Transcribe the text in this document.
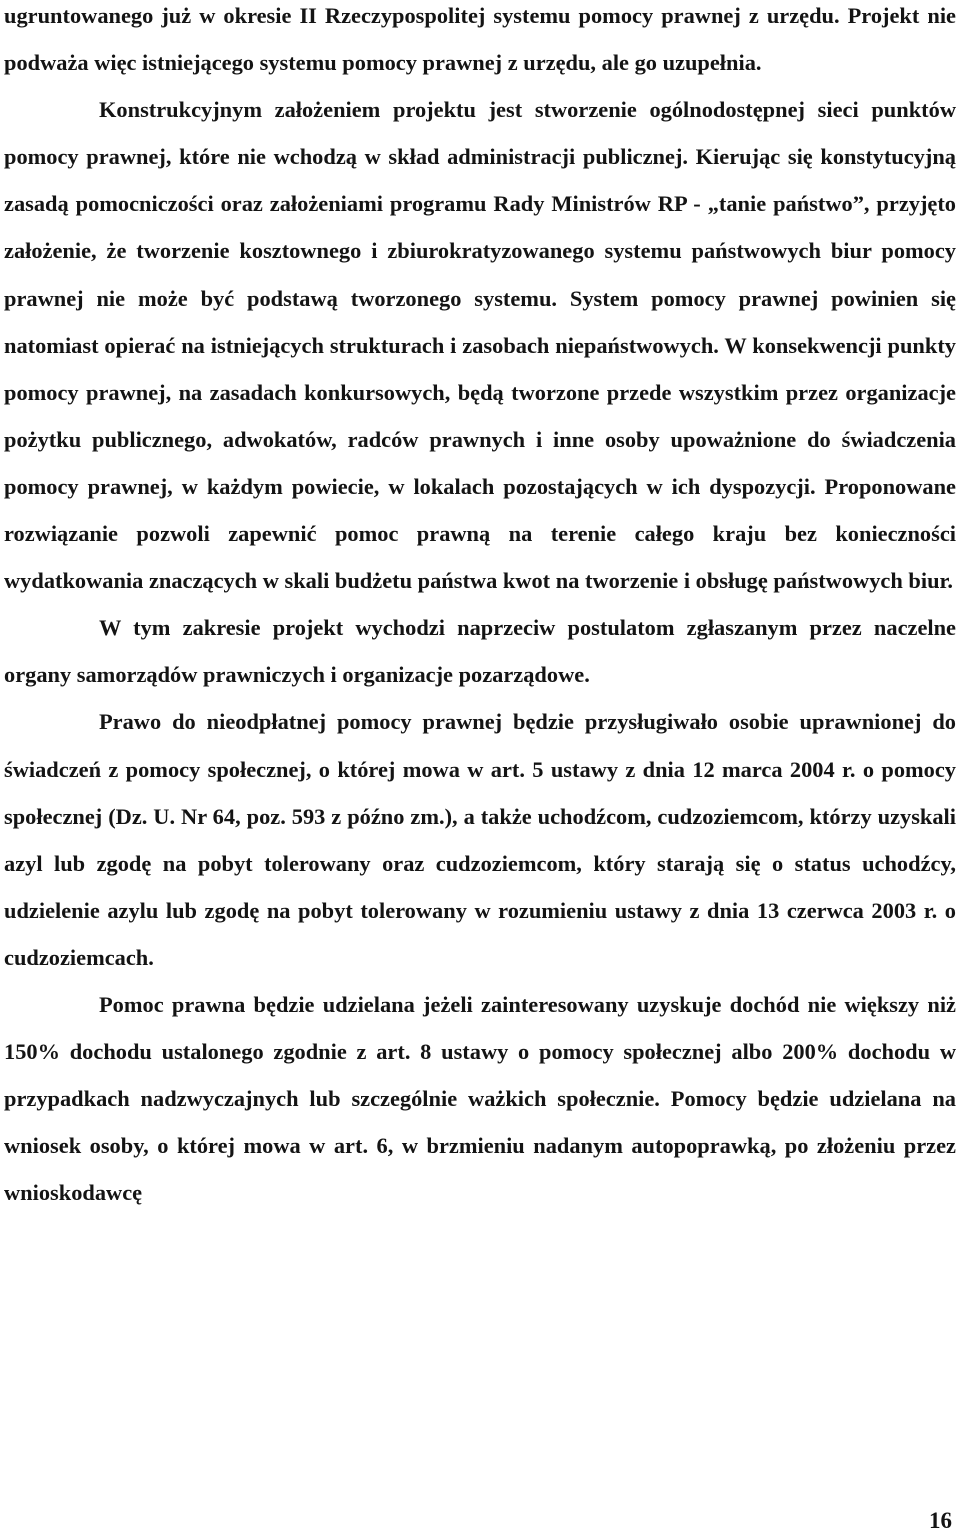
ugruntowanego już w okresie II Rzeczypospolitej systemu pomocy prawnej z urzędu. Projekt nie podważa więc istniejącego systemu pomocy prawnej z urzędu, ale go uzupełnia.

Konstrukcyjnym założeniem projektu jest stworzenie ogólnodostępnej sieci punktów pomocy prawnej, które nie wchodzą w skład administracji publicznej. Kierując się konstytucyjną zasadą pomocniczości oraz założeniami programu Rady Ministrów RP - „tanie państwo”, przyjęto założenie, że tworzenie kosztownego i zbiurokratyzowanego systemu państwowych biur pomocy prawnej nie może być podstawą tworzonego systemu. System pomocy prawnej powinien się natomiast opierać na istniejących strukturach i zasobach niepaństwowych. W konsekwencji punkty pomocy prawnej, na zasadach konkursowych, będą tworzone przede wszystkim przez organizacje pożytku publicznego, adwokatów, radców prawnych i inne osoby upoważnione do świadczenia pomocy prawnej, w każdym powiecie, w lokalach pozostających w ich dyspozycji. Proponowane rozwiązanie pozwoli zapewnić pomoc prawną na terenie całego kraju bez konieczności wydatkowania znaczących w skali budżetu państwa kwot na tworzenie i obsługę państwowych biur.

W tym zakresie projekt wychodzi naprzeciw postulatom zgłaszanym przez naczelne organy samorządów prawniczych i organizacje pozarządowe.

Prawo do nieodpłatnej pomocy prawnej będzie przysługiwało osobie uprawnionej do świadczeń z pomocy społecznej, o której mowa w art. 5 ustawy z dnia 12 marca 2004 r. o pomocy społecznej (Dz. U. Nr 64, poz. 593 z późno zm.), a także uchodźcom, cudzoziemcom, którzy uzyskali azyl lub zgodę na pobyt tolerowany oraz cudzoziemcom, który starają się o status uchodźcy, udzielenie azylu lub zgodę na pobyt tolerowany w rozumieniu ustawy z dnia 13 czerwca 2003 r. o cudzoziemcach.

Pomoc prawna będzie udzielana jeżeli zainteresowany uzyskuje dochód nie większy niż 150% dochodu ustalonego zgodnie z art. 8 ustawy o pomocy społecznej albo 200% dochodu w przypadkach nadzwyczajnych lub szczególnie ważkich społecznie. Pomocy będzie udzielana na wniosek osoby, o której mowa w art. 6, w brzmieniu nadanym autopoprawką, po złożeniu przez wnioskodawcę

16
